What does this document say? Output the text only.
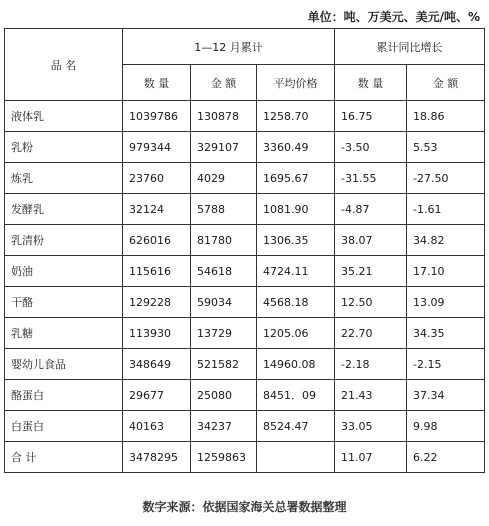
单位：吨、万美元、美元/吨、%
品 名	1—12 月累计			累计同比增长	
	数 量	金 额	平均价格	数 量	金 额
液体乳	1039786	130878	1258.70	16.75	18.86
乳粉	979344	329107	3360.49	-3.50	5.53
炼乳	23760	4029	1695.67	-31.55	-27.50
发酵乳	32124	5788	1081.90	-4.87	-1.61
乳清粉	626016	81780	1306.35	38.07	34.82
奶油	115616	54618	4724.11	35.21	17.10
干酪	129228	59034	4568.18	12.50	13.09
乳糖	113930	13729	1205.06	22.70	34.35
婴幼儿食品	348649	521582	14960.08	-2.18	-2.15
酪蛋白	29677	25080	8451．09	21.43	37.34
白蛋白	40163	34237	8524.47	33.05	9.98
合 计	3478295	1259863		11.07	6.22
数字来源：依据国家海关总署数据整理
